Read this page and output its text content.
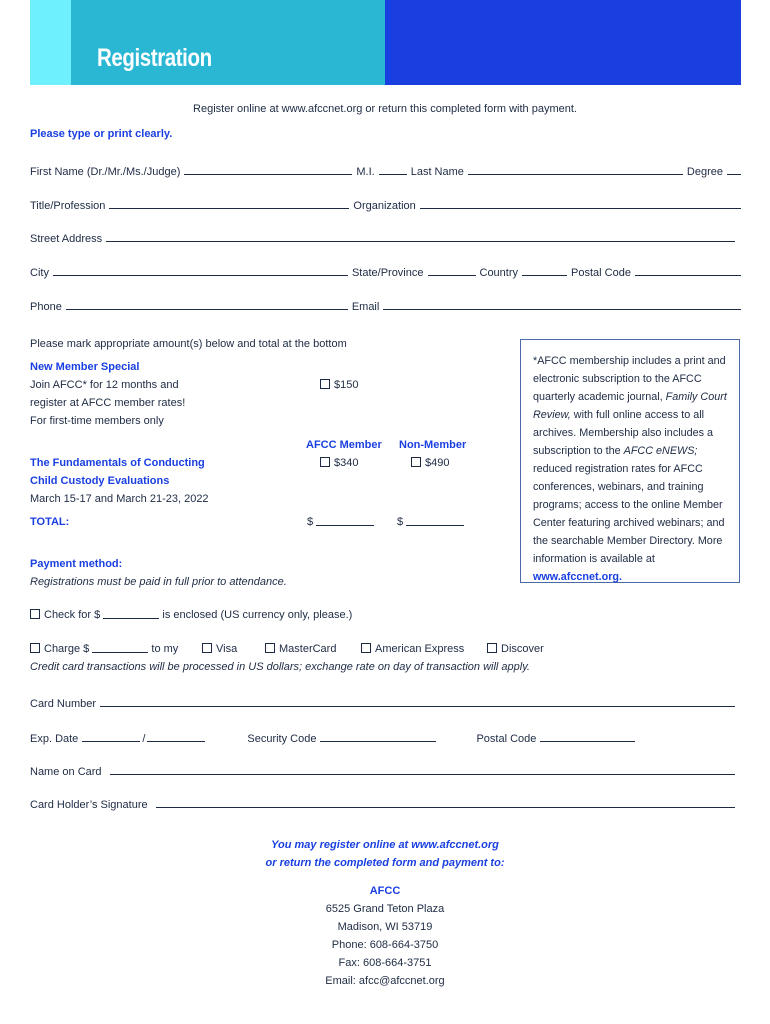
Registration
Register online at www.afccnet.org or return this completed form with payment.
Please type or print clearly.
First Name (Dr./Mr./Ms./Judge)	M.I.	Last Name	Degree
Title/Profession	Organization
Street Address
City	State/Province	Country	Postal Code
Phone	Email
Please mark appropriate amount(s) below and total at the bottom
New Member Special
Join AFCC* for 12 months and
register at AFCC member rates!
For first-time members only
$150
AFCC Member Non-Member
The Fundamentals of Conducting
Child Custody Evaluations
March 15-17 and March 21-23, 2022
$340	$490
TOTAL:	$	$
*AFCC membership includes a print and electronic subscription to the AFCC quarterly academic journal, Family Court Review, with full online access to all archives. Membership also includes a subscription to the AFCC eNEWS; reduced registration rates for AFCC conferences, webinars, and training programs; access to the online Member Center featuring archived webinars; and the searchable Member Directory. More information is available at www.afccnet.org.
Payment method:
Registrations must be paid in full prior to attendance.
Check for $	is enclosed (US currency only, please.)
Charge $	to my	Visa	MasterCard	American Express	Discover
Credit card transactions will be processed in US dollars; exchange rate on day of transaction will apply.
Card Number
Exp. Date	/	Security Code	Postal Code
Name on Card
Card Holder’s Signature
You may register online at www.afccnet.org
or return the completed form and payment to:
AFCC
6525 Grand Teton Plaza
Madison, WI 53719
Phone: 608-664-3750
Fax: 608-664-3751
Email: afcc@afccnet.org
